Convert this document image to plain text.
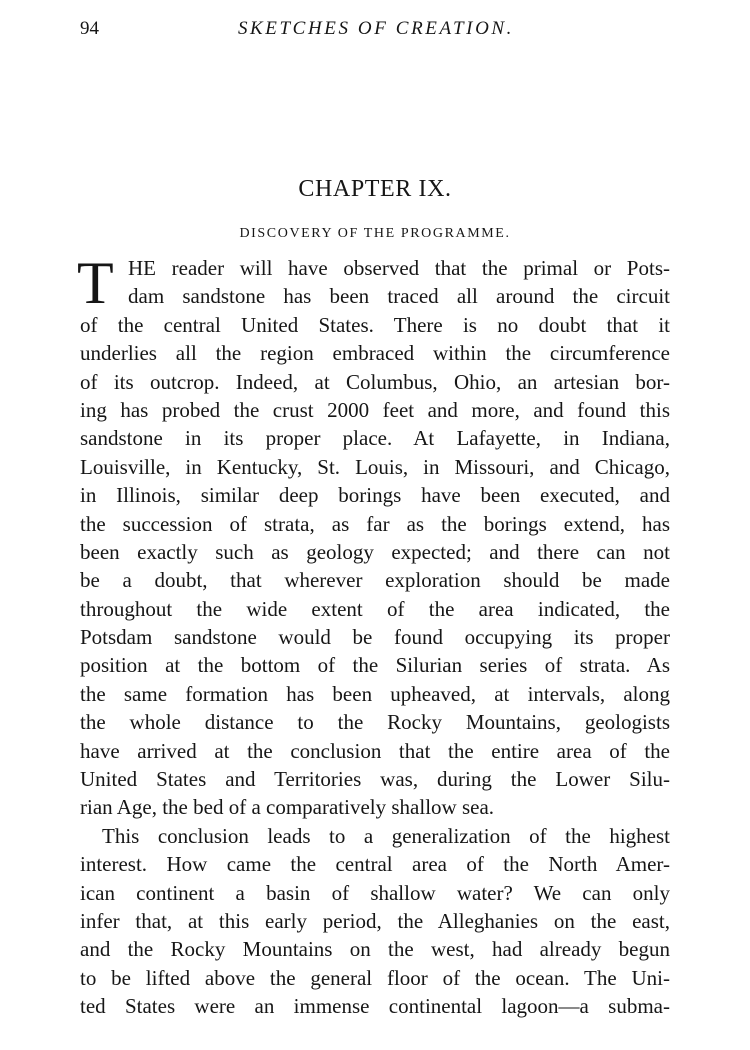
94	SKETCHES OF CREATION.
CHAPTER IX.
DISCOVERY OF THE PROGRAMME.
T HE reader will have observed that the primal or Pots-
dam sandstone has been traced all around the circuit
of the central United States. There is no doubt that it
underlies all the region embraced within the circumference
of its outcrop. Indeed, at Columbus, Ohio, an artesian bor-
ing has probed the crust 2000 feet and more, and found this
sandstone in its proper place. At Lafayette, in Indiana,
Louisville, in Kentucky, St. Louis, in Missouri, and Chicago,
in Illinois, similar deep borings have been executed, and
the succession of strata, as far as the borings extend, has
been exactly such as geology expected; and there can not
be a doubt, that wherever exploration should be made
throughout the wide extent of the area indicated, the
Potsdam sandstone would be found occupying its proper
position at the bottom of the Silurian series of strata. As
the same formation has been upheaved, at intervals, along
the whole distance to the Rocky Mountains, geologists
have arrived at the conclusion that the entire area of the
United States and Territories was, during the Lower Silu-
rian Age, the bed of a comparatively shallow sea.
This conclusion leads to a generalization of the highest
interest. How came the central area of the North Amer-
ican continent a basin of shallow water? We can only
infer that, at this early period, the Alleghanies on the east,
and the Rocky Mountains on the west, had already begun
to be lifted above the general floor of the ocean. The Uni-
ted States were an immense continental lagoon—a subma-
